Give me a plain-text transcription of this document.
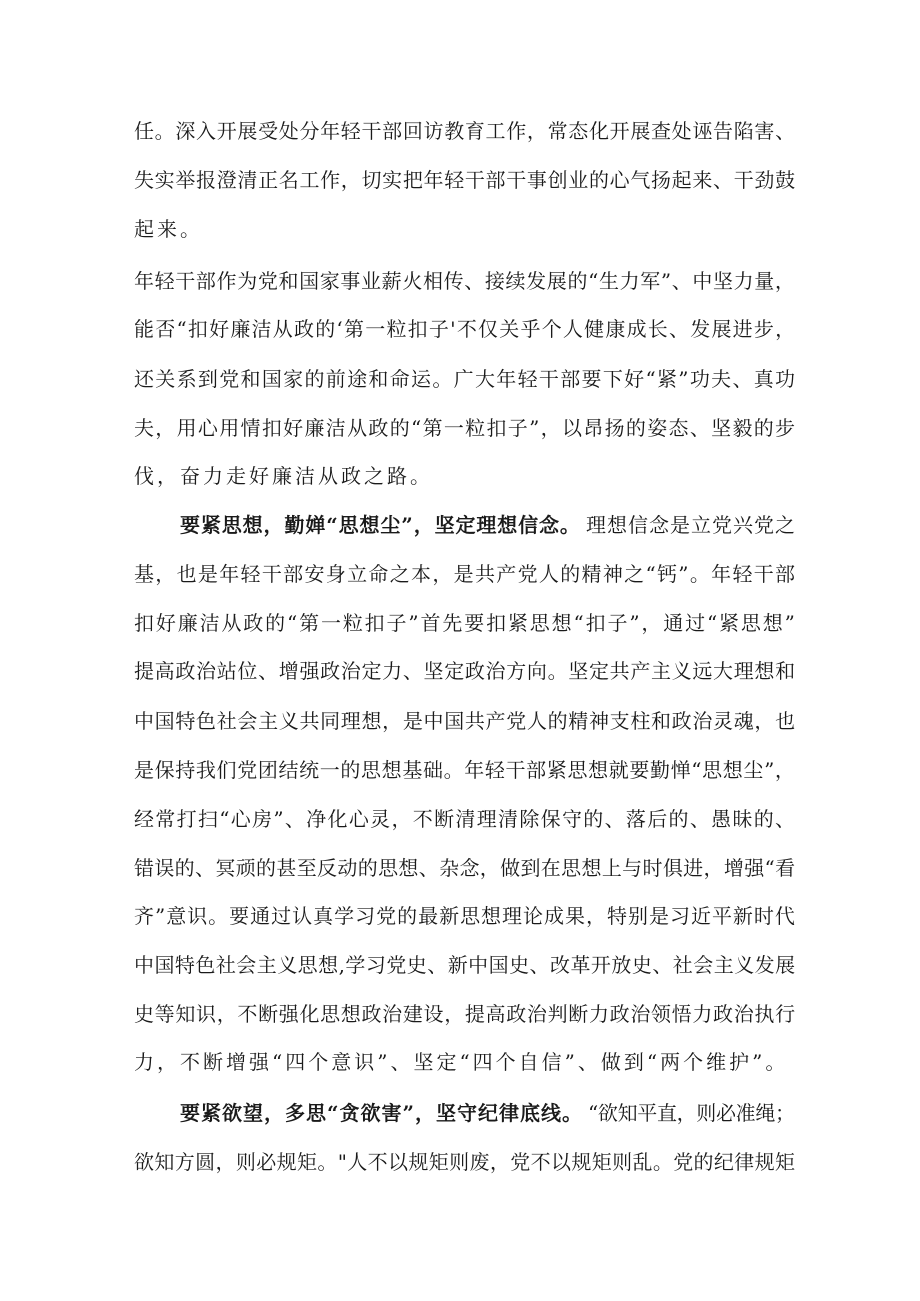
任。深入开展受处分年轻干部回访教育工作，常态化开展查处诬告陷害、
失实举报澄清正名工作，切实把年轻干部干事创业的心气扬起来、干劲鼓
起来。
年轻干部作为党和国家事业薪火相传、接续发展的“生力军”、中坚力量，
能否“扣好廉洁从政的‘第一粒扣子'不仅关乎个人健康成长、发展进步，
还关系到党和国家的前途和命运。广大年轻干部要下好“紧”功夫、真功
夫，用心用情扣好廉洁从政的“第一粒扣子”，以昂扬的姿态、坚毅的步
伐，奋力走好廉洁从政之路。
要紧思想，勤婵“思想尘”，坚定理想信念。 理想信念是立党兴党之
基，也是年轻干部安身立命之本，是共产党人的精神之“钙”。年轻干部
扣好廉洁从政的“第一粒扣子”首先要扣紧思想“扣子”，通过“紧思想”
提高政治站位、增强政治定力、坚定政治方向。坚定共产主义远大理想和
中国特色社会主义共同理想，是中国共产党人的精神支柱和政治灵魂，也
是保持我们党团结统一的思想基础。年轻干部紧思想就要勤惮“思想尘”，
经常打扫“心房”、净化心灵，不断清理清除保守的、落后的、愚昧的、
错误的、冥顽的甚至反动的思想、杂念，做到在思想上与时俱进，增强“看
齐”意识。要通过认真学习党的最新思想理论成果，特别是习近平新时代
中国特色社会主义思想,学习党史、新中国史、改革开放史、社会主义发展
史等知识，不断强化思想政治建设，提高政治判断力政治领悟力政治执行
力，不断增强“四个意识”、坚定“四个自信”、做到“两个维护”。
要紧欲望，多思“贪欲害”，坚守纪律底线。 “欲知平直，则必准绳；
欲知方圆，则必规矩。"人不以规矩则废，党不以规矩则乱。党的纪律规矩
